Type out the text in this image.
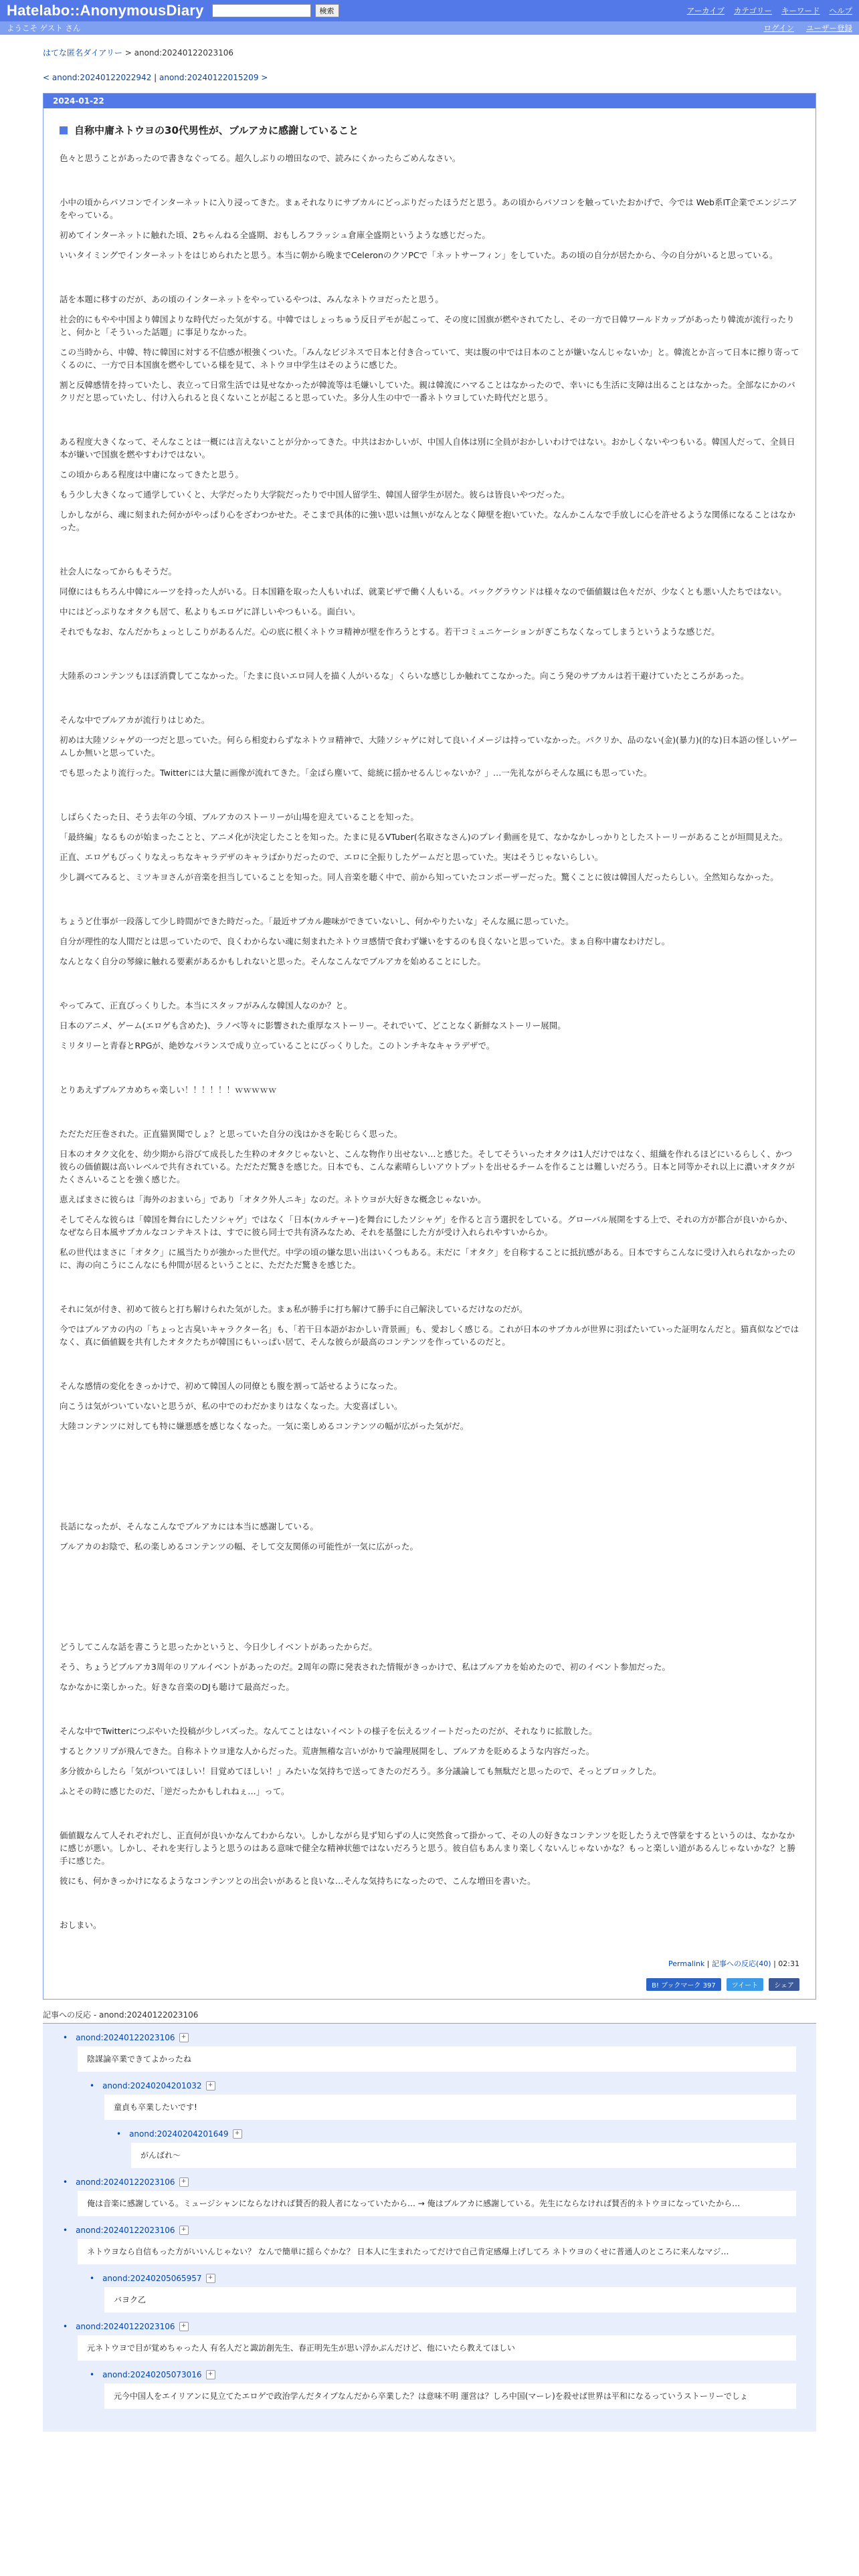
Hatelabo::AnonymousDiary	検索	アーカイブ カテゴリー キーワード ヘルプ
ようこそ ゲスト さん	ログイン ユーザー登録
はてな匿名ダイアリー > anond:20240122023106
< anond:20240122022942 | anond:20240122015209 >
2024-01-22
自称中庸ネトウヨの30代男性が、ブルアカに感謝していること

色々と思うことがあったので書きなぐってる。超久しぶりの増田なので、読みにくかったらごめんなさい。

小中の頃からパソコンでインターネットに入り浸ってきた。まぁそれなりにサブカルにどっぷりだったほうだと思う。あの頃からパソコンを触っていたおかげで、今では Web系IT企業でエンジニアをやっている。

初めてインターネットに触れた頃、2ちゃんねる全盛期、おもしろフラッシュ倉庫全盛期というような感じだった。

いいタイミングでインターネットをはじめられたと思う。本当に朝から晩までCeleronのクソPCで「ネットサーフィン」をしていた。あの頃の自分が居たから、今の自分がいると思っている。

話を本題に移すのだが、あの頃のインターネットをやっているやつは、みんなネトウヨだったと思う。

社会的にもやや中国より韓国よりな時代だった気がする。中韓ではしょっちゅう反日デモが起こって、その度に国旗が燃やされてたし、その一方で日韓ワールドカップがあったり韓流が流行ったりと、何かと「そういった話題」に事足りなかった。

この当時から、中韓、特に韓国に対する不信感が根強くついた。「みんなビジネスで日本と付き合っていて、実は腹の中では日本のことが嫌いなんじゃないか」と。韓流とか言って日本に擦り寄ってくるのに、一方で日本国旗を燃やしている様を見て、ネトウヨ中学生はそのように感じた。

割と反韓感情を持っていたし、表立って日常生活では見せなかったが韓流等は毛嫌いしていた。親は韓流にハマることはなかったので、幸いにも生活に支障は出ることはなかった。全部なにかのバクリだと思っていたし、付け入られると良くないことが起こると思っていた。多分人生の中で一番ネトウヨしていた時代だと思う。

ある程度大きくなって、そんなことは一概には言えないことが分かってきた。中共はおかしいが、中国人自体は別に全員がおかしいわけではない。おかしくないやつもいる。韓国人だって、全員日本が嫌いで国旗を燃やすわけではない。

この頃からある程度は中庸になってきたと思う。

もう少し大きくなって通学していくと、大学だったり大学院だったりで中国人留学生、韓国人留学生が居た。彼らは皆良いやつだった。

しかしながら、魂に刻まれた何かがやっぱり心をざわつかせた。そこまで具体的に強い思いは無いがなんとなく障壁を抱いていた。なんかこんなで手放しに心を許せるような関係になることはなかった。

社会人になってからもそうだ。

同僚にはもちろん中韓にルーツを持った人がいる。日本国籍を取った人もいれば、就業ビザで働く人もいる。バックグラウンドは様々なので価値観は色々だが、少なくとも悪い人たちではない。

中にはどっぷりなオタクも居て、私よりもエロゲに詳しいやつもいる。面白い。

それでもなお、なんだかちょっとしこりがあるんだ。心の底に根くネトウヨ精神が壁を作ろうとする。若干コミュニケーションがぎこちなくなってしまうというような感じだ。

大陸系のコンテンツもほぼ消費してこなかった。「たまに良いエロ同人を描く人がいるな」くらいな感じしか触れてこなかった。向こう発のサブカルは若干避けていたところがあった。

そんな中でブルアカが流行りはじめた。

初めは大陸ソシャゲの一つだと思っていた。何らら相変わらずなネトウヨ精神で、大陸ソシャゲに対して良いイメージは持っていなかった。パクリか、品のない(金)(暴力)(的な)日本語の怪しいゲームしか無いと思っていた。

でも思ったより流行った。Twitterには大量に画像が流れてきた。「金ぱら塵いて、総統に揺かせるんじゃないか？」…一先礼ながらそんな風にも思っていた。

しばらくたった日、そう去年の今頃、ブルアカのストーリーが山場を迎えていることを知った。

「最終編」なるものが始まったことと、アニメ化が決定したことを知った。たまに見るVTuber(名取さなさん)のプレイ動画を見て、なかなかしっかりとしたストーリーがあることが垣間見えた。

正直、エロゲもびっくりなえっちなキャラデザのキャラばかりだったので、エロに全振りしたゲームだと思っていた。実はそうじゃないらしい。

少し調べてみると、ミツキヨさんが音楽を担当していることを知った。同人音楽を聴く中で、前から知っていたコンポーザーだった。驚くことに彼は韓国人だったらしい。全然知らなかった。

ちょうど仕事が一段落して少し時間ができた時だった。「最近サブカル趣味ができていないし、何かやりたいな」そんな風に思っていた。

自分が理性的な人間だとは思っていたので、良くわからない魂に刻まれたネトウヨ感情で食わず嫌いをするのも良くないと思っていた。まぁ自称中庸なわけだし。

なんとなく自分の琴線に触れる要素があるかもしれないと思った。そんなこんなでブルアカを始めることにした。

やってみて、正直びっくりした。本当にスタッフがみんな韓国人なのか？と。

日本のアニメ、ゲーム(エロゲも含めた)、ラノベ等々に影響された重厚なストーリー。それでいて、どことなく新鮮なストーリー展開。

ミリタリーと青春とRPGが、絶妙なバランスで成り立っていることにびっくりした。このトンチキなキャラデザで。

とりあえずブルアカめちゃ楽しい！！！！！！ｗｗｗｗｗ

ただただ圧巻された。正直猫異聞でしょ？と思っていた自分の浅はかさを恥じらく思った。

日本のオタク文化を、幼少期から浴びて成長した生粋のオタクじゃないと、こんな物作り出せない…と感じた。そしてそういったオタクは1人だけではなく、組織を作れるほどにいるらしく、かつ彼らの価値観は高いレベルで共有されている。ただただ驚きを感じた。日本でも、こんな素晴らしいアウトプットを出せるチームを作ることは難しいだろう。日本と同等かそれ以上に濃いオタクがたくさんいることを強く感じた。

恵えばまさに彼らは「海外のおまいら」であり「オタク外人ニキ」なのだ。ネトウヨが大好きな概念じゃないか。

そしてそんな彼らは「韓国を舞台にしたソシャゲ」ではなく「日本(カルチャー)を舞台にしたソシャゲ」を作ると言う選択をしている。グローバル展開をする上で、それの方が都合が良いからか、なぜなら日本風サブカルなコンテキストは、すでに彼ら同士で共有済みなため、それを基盤にした方が受け入れられやすいからか。

私の世代はまさに「オタク」に風当たりが強かった世代だ。中学の頃の嫌な思い出はいくつもある。未だに「オタク」を自称することに抵抗感がある。日本ですらこんなに受け入れられなかったのに、海の向こうにこんなにも仲間が居るということに、ただただ驚きを感じた。

それに気が付き、初めて彼らと打ち解けられた気がした。まぁ私が勝手に打ち解けて勝手に自己解決しているだけなのだが。

今ではブルアカの内の「ちょっと古臭いキャラクター名」も、「若干日本語がおかしい背景画」も、愛おしく感じる。これが日本のサブカルが世界に羽ばたいていった証明なんだと。猫真似などではなく、真に価値観を共有したオタクたちが韓国にもいっぱい居て、そんな彼らが最高のコンテンツを作っているのだと。

そんな感情の変化をきっかけで、初めて韓国人の同僚とも腹を割って話せるようになった。

向こうは気がついていないと思うが、私の中でのわだかまりはなくなった。大変喜ばしい。

大陸コンテンツに対しても特に嫌悪感を感じなくなった。一気に楽しめるコンテンツの幅が広がった気がだ。

長話になったが、そんなこんなでブルアカには本当に感謝している。

ブルアカのお陰で、私の楽しめるコンテンツの幅、そして交友関係の可能性が一気に広がった。

どうしてこんな話を書こうと思ったかというと、今日少しイベントがあったからだ。

そう、ちょうどブルアカ3周年のリアルイベントがあったのだ。2周年の際に発表された情報がきっかけで、私はブルアカを始めたので、初のイベント参加だった。

なかなかに楽しかった。好きな音楽のDJも聴けて最高だった。

そんな中でTwitterにつぶやいた投稿が少しバズった。なんてことはないイベントの様子を伝えるツイートだったのだが、それなりに拡散した。

するとクソリプが飛んできた。自称ネトウヨ達な人からだった。荒唐無稽な言いがかりで論理展開をし、ブルアカを貶めるような内容だった。

多分彼からしたら「気がついてほしい！目覚めてほしい！」みたいな気持ちで送ってきたのだろう。多分議論しても無駄だと思ったので、そっとブロックした。

ふとその時に感じたのだ、「逆だったかもしれねぇ…」って。

価値観なんて人それぞれだし、正直何が良いかなんてわからない。しかしながら見ず知らずの人に突然食って掛かって、その人の好きなコンテンツを貶したうえで啓蒙をするというのは、なかなかに感じが悪い。しかし、それを実行しようと思うのはある意味で健全な精神状態ではないだろうと思う。彼自信もあんまり楽しくないんじゃないかな？もっと楽しい道があるんじゃないかな？と勝手に感じた。

彼にも、何かきっかけになるようなコンテンツとの出会いがあると良いな…そんな気持ちになったので、こんな増田を書いた。

おしまい。

Permalink | 記事への反応(40) | 02:31
B! ブックマーク 397	ツイート	シェア
記事への反応 - anond:20240122023106
• anond:20240122023106	+
陰謀論卒業できてよかったね
• anond:20240204201032	+
童貞も卒業したいです!
• anond:20240204201649	+
がんばれ～
• anond:20240122023106	+
俺は音楽に感謝している。ミュージシャンにならなければ賛否的殺人者になっていたから… → 俺はブルアカに感謝している。先生にならなければ賛否的ネトウヨになっていたから…
• anond:20240122023106	+
ネトウヨなら自信もった方がいいんじゃない？ なんで簡単に揺らぐかな？ 日本人に生まれたってだけで自己肯定感爆上げしてろ ネトウヨのくせに普通人のところに来んなマジ…
• anond:20240205065957	+
バヨク乙
• anond:20240122023106	+
元ネトウヨで目が覚めちゃった人 有名人だと諏訪創先生、春正明先生が思い浮かぶんだけど、他にいたら教えてほしい
• anond:20240205073016	+
元今中国人をエイリアンに見立てたエロゲで政治学んだタイプなんだから卒業した？は意味不明 運営は？しろ中国(マーレ)を殺せば世界は平和になるっていうストーリーでしょ
